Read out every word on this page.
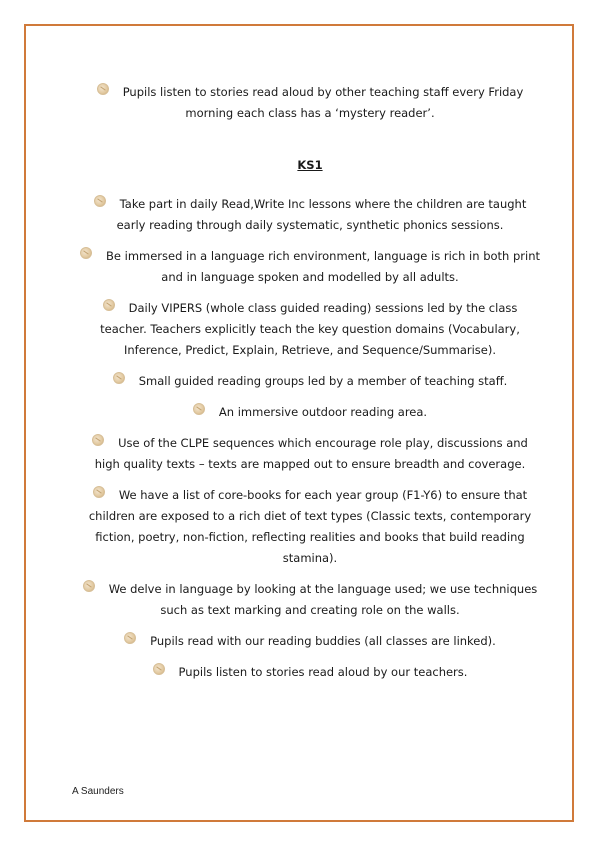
Pupils listen to stories read aloud by other teaching staff every Friday morning each class has a ‘mystery reader’.

KS1

Take part in daily Read,Write Inc lessons where the children are taught early reading through daily systematic, synthetic phonics sessions.

Be immersed in a language rich environment, language is rich in both print and in language spoken and modelled by all adults.

Daily VIPERS (whole class guided reading) sessions led by the class teacher. Teachers explicitly teach the key question domains (Vocabulary, Inference, Predict, Explain, Retrieve, and Sequence/Summarise).

Small guided reading groups led by a member of teaching staff.

An immersive outdoor reading area.

Use of the CLPE sequences which encourage role play, discussions and high quality texts – texts are mapped out to ensure breadth and coverage.

We have a list of core-books for each year group (F1-Y6) to ensure that children are exposed to a rich diet of text types (Classic texts, contemporary fiction, poetry, non-fiction, reflecting realities and books that build reading stamina).

We delve in language by looking at the language used; we use techniques such as text marking and creating role on the walls.

Pupils read with our reading buddies (all classes are linked).

Pupils listen to stories read aloud by our teachers.

A Saunders
